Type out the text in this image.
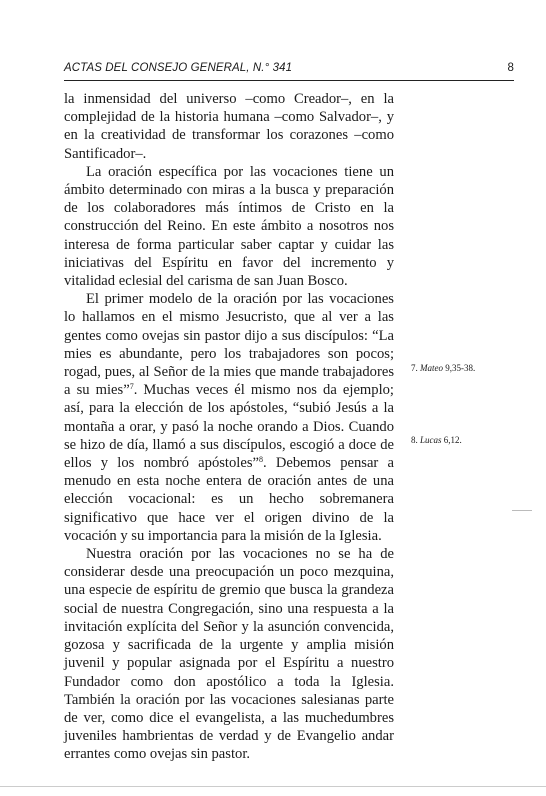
ACTAS DEL CONSEJO GENERAL, N.° 341	8

la inmensidad del universo –como Creador–, en la complejidad de la historia humana –como Salvador–, y en la creatividad de transformar los corazones –como Santificador–.

La oración específica por las vocaciones tiene un ámbito determinado con miras a la busca y preparación de los colaboradores más íntimos de Cristo en la construcción del Reino. En este ámbito a nosotros nos interesa de forma particular saber captar y cuidar las iniciativas del Espíritu en favor del incremento y vitalidad eclesial del carisma de san Juan Bosco.

El primer modelo de la oración por las vocaciones lo hallamos en el mismo Jesucristo, que al ver a las gentes como ovejas sin pastor dijo a sus discípulos: “La mies es abundante, pero los trabajadores son pocos; rogad, pues, al Señor de la mies que mande trabajadores a su mies”$^7$. Muchas veces él mismo nos da ejemplo; así, para la elección de los apóstoles, “subió Jesús a la montaña a orar, y pasó la noche orando a Dios. Cuando se hizo de día, llamó a sus discípulos, escogió a doce de ellos y los nombró apóstoles”$^8$. Debemos pensar a menudo en esta noche entera de oración antes de una elección vocacional: es un hecho sobremanera significativo que hace ver el origen divino de la vocación y su importancia para la misión de la Iglesia.

Nuestra oración por las vocaciones no se ha de considerar desde una preocupación un poco mezquina, una especie de espíritu de gremio que busca la grandeza social de nuestra Congregación, sino una respuesta a la invitación explícita del Señor y la asunción convencida, gozosa y sacrificada de la urgente y amplia misión juvenil y popular asignada por el Espíritu a nuestro Fundador como don apostólico a toda la Iglesia. También la oración por las vocaciones salesianas parte de ver, como dice el evangelista, a las muchedumbres juveniles hambrientas de verdad y de Evangelio andar errantes como ovejas sin pastor.

7. Mateo 9,35-38.
8. Lucas 6,12.
